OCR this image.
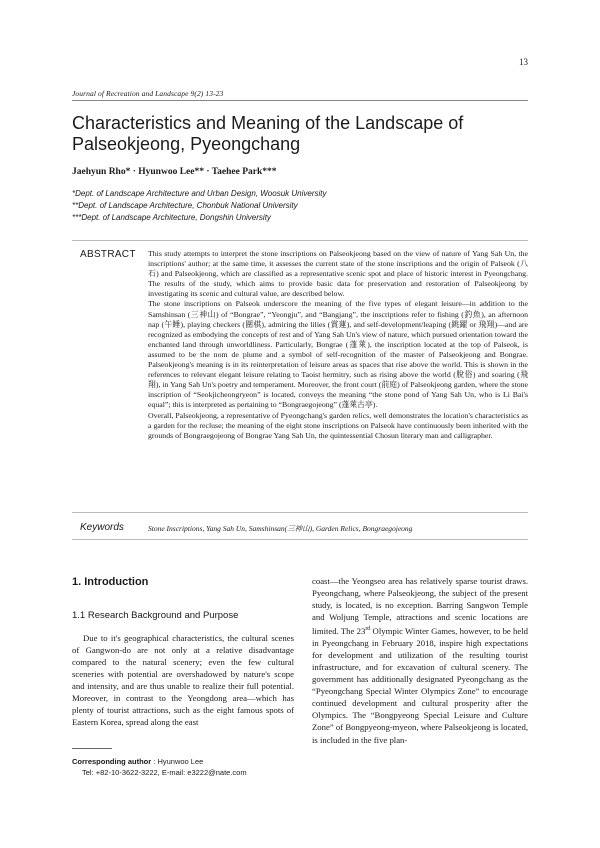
13
Journal of Recreation and Landscape 9(2) 13-23
Characteristics and Meaning of the Landscape of Palseokjeong, Pyeongchang
Jaehyun Rho* · Hyunwoo Lee** · Taehee Park***
*Dept. of Landscape Architecture and Urban Design, Woosuk University
**Dept. of Landscape Architecture, Chonbuk National University
***Dept. of Landscape Architecture, Dongshin University
ABSTRACT This study attempts to interpret the stone inscriptions on Palseokjeong based on the view of nature of Yang Sah Un, the inscriptions' author; at the same time, it assesses the current state of the stone inscriptions and the origin of Palseok (八石) and Palseokjeong, which are classified as a representative scenic spot and place of historic interest in Pyeongchang. The results of the study, which aims to provide basic data for preservation and restoration of Palseokjeong by investigating its scenic and cultural value, are described below.

The stone inscriptions on Palseok underscore the meaning of the five types of elegant leisure—in addition to the Samshinsan (三神山) of “Bongrae”, “Yeongju”, and “Bangjang”, the inscriptions refer to fishing (釣魚), an afternoon nap (午睡), playing checkers (圍棋), admiring the lilies (賞蓮), and self-development/leaping (跳躍 or 飛翔)—and are recognized as embodying the concepts of rest and of Yang Sah Un's view of nature, which pursued orientation toward the enchanted land through unworldliness. Particularly, Bongrae (蓬萊), the inscription located at the top of Palseok, is assumed to be the nom de plume and a symbol of self-recognition of the master of Palseokjeong and Bongrae. Palseokjeong's meaning is in its reinterpretation of leisure areas as spaces that rise above the world. This is shown in the references to relevant elegant leisure relating to Taoist hermitry, such as rising above the world (脫俗) and soaring (飛翔), in Yang Sah Un's poetry and temperament. Moreover, the front court (前庭) of Palseokjeong garden, where the stone inscription of “Seokjicheongryeon” is located, conveys the meaning “the stone pond of Yang Sah Un, who is Li Bai's equal”; this is interpreted as pertaining to “Bongraegojeong” (蓬萊古亭).

Overall, Palseokjeong, a representative of Pyeongchang's garden relics, well demonstrates the location's characteristics as a garden for the recluse; the meaning of the eight stone inscriptions on Palseok have continuously been inherited with the grounds of Bongraegojeong of Bongrae Yang Sah Un, the quintessential Chosun literary man and calligrapher.

Keywords	Stone Inscriptions, Yang Sah Un, Samshinsan(三神山), Garden Relics, Bongraegojeong
1. Introduction
1.1 Research Background and Purpose

Due to it's geographical characteristics, the cultural scenes of Gangwon-do are not only at a relative disadvantage compared to the natural scenery; even the few cultural sceneries with potential are overshadowed by nature's scope and intensity, and are thus unable to realize their full potential. Moreover, in contrast to the Yeongdong area—which has plenty of tourist attractions, such as the eight famous spots of Eastern Korea, spread along the east

Corresponding author : Hyunwoo Lee
Tel: +82-10-3622-3222, E-mail: e3222@nate.com

coast—the Yeongseo area has relatively sparse tourist draws. Pyeongchang, where Palseokjeong, the subject of the present study, is located, is no exception. Barring Sangwon Temple and Woljung Temple, attractions and scenic locations are limited. The 23rd Olympic Winter Games, however, to be held in Pyeongchang in February 2018, inspire high expectations for development and utilization of the resulting tourist infrastructure, and for excavation of cultural scenery. The government has additionally designated Pyeongchang as the “Pyeongchang Special Winter Olympics Zone” to encourage continued development and cultural prosperity after the Olympics. The “Bongpyeong Special Leisure and Culture Zone” of Bongpyeong-myeon, where Palseokjeong is located, is included in the five plan-
